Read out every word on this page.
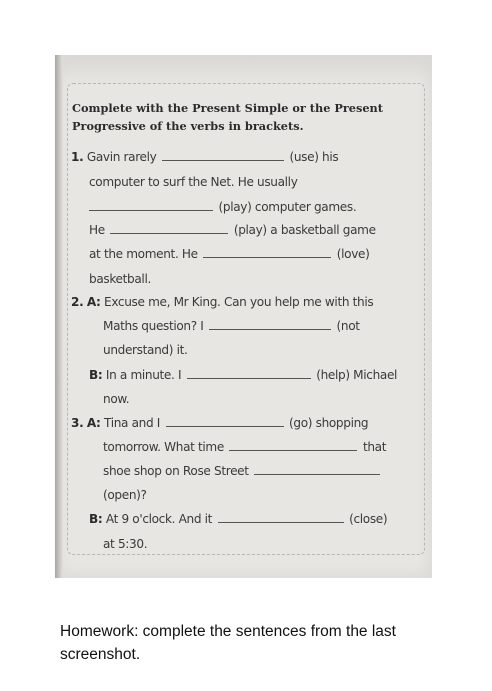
Complete with the Present Simple or the Present
Progressive of the verbs in brackets.
1. Gavin rarely	(use) his
computer to surf the Net. He usually
(play) computer games.
He	(play) a basketball game
at the moment. He	(love)
basketball.
2. A: Excuse me, Mr King. Can you help me with this
Maths question? I	(not
understand) it.
B: In a minute. I	(help) Michael
now.
3. A: Tina and I	(go) shopping
tomorrow. What time	that
shoe shop on Rose Street
(open)?
B: At 9 o'clock. And it	(close)
at 5:30.
Homework: complete the sentences from the last screenshot.
